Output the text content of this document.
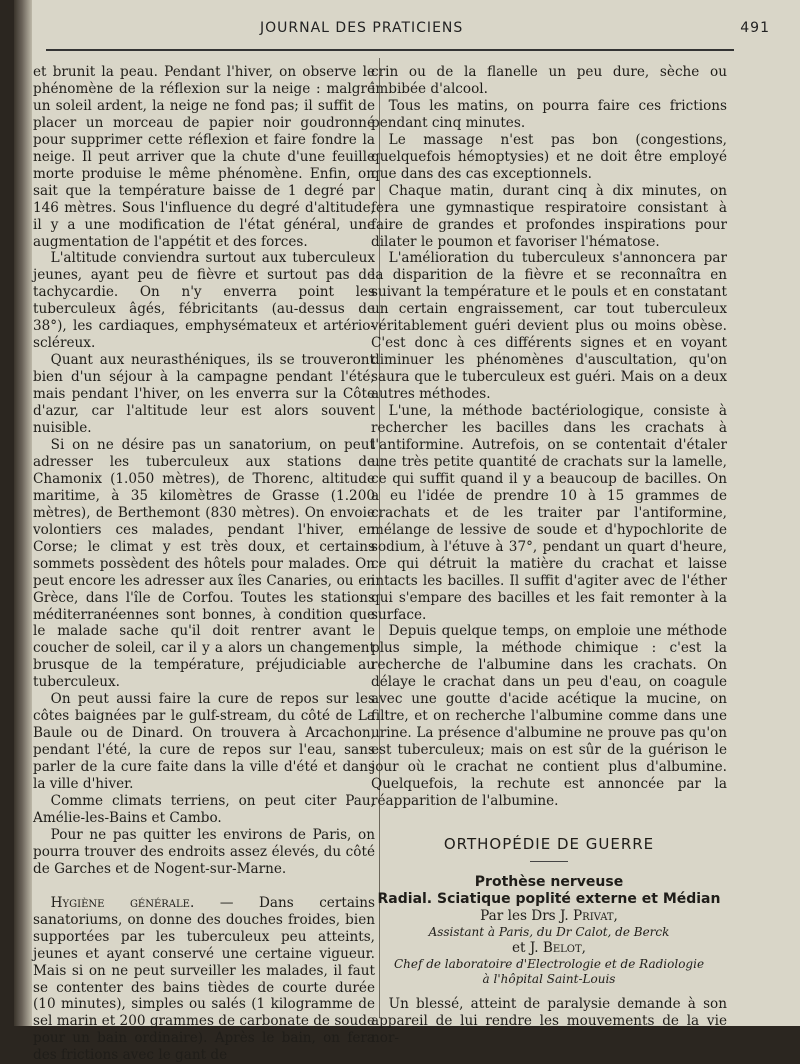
JOURNAL DES PRATICIENS	491

et brunit la peau. Pendant l'hiver, on observe le phénomène de la réflexion sur la neige : malgré un soleil ardent, la neige ne fond pas; il suffit de placer un morceau de papier noir goudronné pour supprimer cette réflexion et faire fondre la neige. Il peut arriver que la chute d'une feuille morte produise le même phénomène. Enfin, on sait que la température baisse de 1 degré par 146 mètres. Sous l'influence du degré d'altitude, il y a une modification de l'état général, une augmentation de l'appétit et des forces.

L'altitude conviendra surtout aux tuberculeux jeunes, ayant peu de fièvre et surtout pas de tachycardie. On n'y enverra point les tuberculeux âgés, fébricitants (au-dessus de 38°), les cardiaques, emphysémateux et artério-scléreux.

Quant aux neurasthéniques, ils se trouveront bien d'un séjour à la campagne pendant l'été; mais pendant l'hiver, on les enverra sur la Côte d'azur, car l'altitude leur est alors souvent nuisible.

Si on ne désire pas un sanatorium, on peut adresser les tuberculeux aux stations de Chamonix (1.050 mètres), de Thorenc, altitude maritime, à 35 kilomètres de Grasse (1.200 mètres), de Berthemont (830 mètres). On envoie volontiers ces malades, pendant l'hiver, en Corse; le climat y est très doux, et certains sommets possèdent des hôtels pour malades. On peut encore les adresser aux îles Canaries, ou en Grèce, dans l'île de Corfou. Toutes les stations méditerranéennes sont bonnes, à condition que le malade sache qu'il doit rentrer avant le coucher de soleil, car il y a alors un changement brusque de la température, préjudiciable au tuberculeux.

On peut aussi faire la cure de repos sur les côtes baignées par le gulf-stream, du côté de La Baule ou de Dinard. On trouvera à Arcachon, pendant l'été, la cure de repos sur l'eau, sans parler de la cure faite dans la ville d'été et dans la ville d'hiver.

Comme climats terriens, on peut citer Pau, Amélie-les-Bains et Cambo.

Pour ne pas quitter les environs de Paris, on pourra trouver des endroits assez élevés, du côté de Garches et de Nogent-sur-Marne.

Hygiène générale. — Dans certains sanatoriums, on donne des douches froides, bien supportées par les tuberculeux peu atteints, jeunes et ayant conservé une certaine vigueur. Mais si on ne peut surveiller les malades, il faut se contenter des bains tièdes de courte durée (10 minutes), simples ou salés (1 kilogramme de sel marin et 200 grammes de carbonate de soude pour un bain ordinaire). Après le bain, on fera des frictions avec le gant de

crin ou de la flanelle un peu dure, sèche ou imbibée d'alcool.

Tous les matins, on pourra faire ces frictions pendant cinq minutes.

Le massage n'est pas bon (congestions, quelquefois hémoptysies) et ne doit être employé que dans des cas exceptionnels.

Chaque matin, durant cinq à dix minutes, on fera une gymnastique respiratoire consistant à faire de grandes et profondes inspirations pour dilater le poumon et favoriser l'hématose.

L'amélioration du tuberculeux s'annoncera par la disparition de la fièvre et se reconnaîtra en suivant la température et le pouls et en constatant un certain engraissement, car tout tuberculeux véritablement guéri devient plus ou moins obèse. C'est donc à ces différents signes et en voyant diminuer les phénomènes d'auscultation, qu'on saura que le tuberculeux est guéri. Mais on a deux autres méthodes.

L'une, la méthode bactériologique, consiste à rechercher les bacilles dans les crachats à l'antiformine. Autrefois, on se contentait d'étaler une très petite quantité de crachats sur la lamelle, ce qui suffit quand il y a beaucoup de bacilles. On a eu l'idée de prendre 10 à 15 grammes de crachats et de les traiter par l'antiformine, mélange de lessive de soude et d'hypochlorite de sodium, à l'étuve à 37°, pendant un quart d'heure, ce qui détruit la matière du crachat et laisse intacts les bacilles. Il suffit d'agiter avec de l'éther qui s'empare des bacilles et les fait remonter à la surface.

Depuis quelque temps, on emploie une méthode plus simple, la méthode chimique : c'est la recherche de l'albumine dans les crachats. On délaye le crachat dans un peu d'eau, on coagule avec une goutte d'acide acétique la mucine, on filtre, et on recherche l'albumine comme dans une urine. La présence d'albumine ne prouve pas qu'on est tuberculeux; mais on est sûr de la guérison le jour où le crachat ne contient plus d'albumine. Quelquefois, la rechute est annoncée par la réapparition de l'albumine.

ORTHOPÉDIE DE GUERRE

Prothèse nerveuse

Radial. Sciatique poplité externe et Médian

Par les Drs J. Privat,

Assistant à Paris, du Dr Calot, de Berck

et J. Belot,

Chef de laboratoire d'Electrologie et de Radiologie

à l'hôpital Saint-Louis

Un blessé, atteint de paralysie demande à son appareil de lui rendre les mouvements de la vie nor-
